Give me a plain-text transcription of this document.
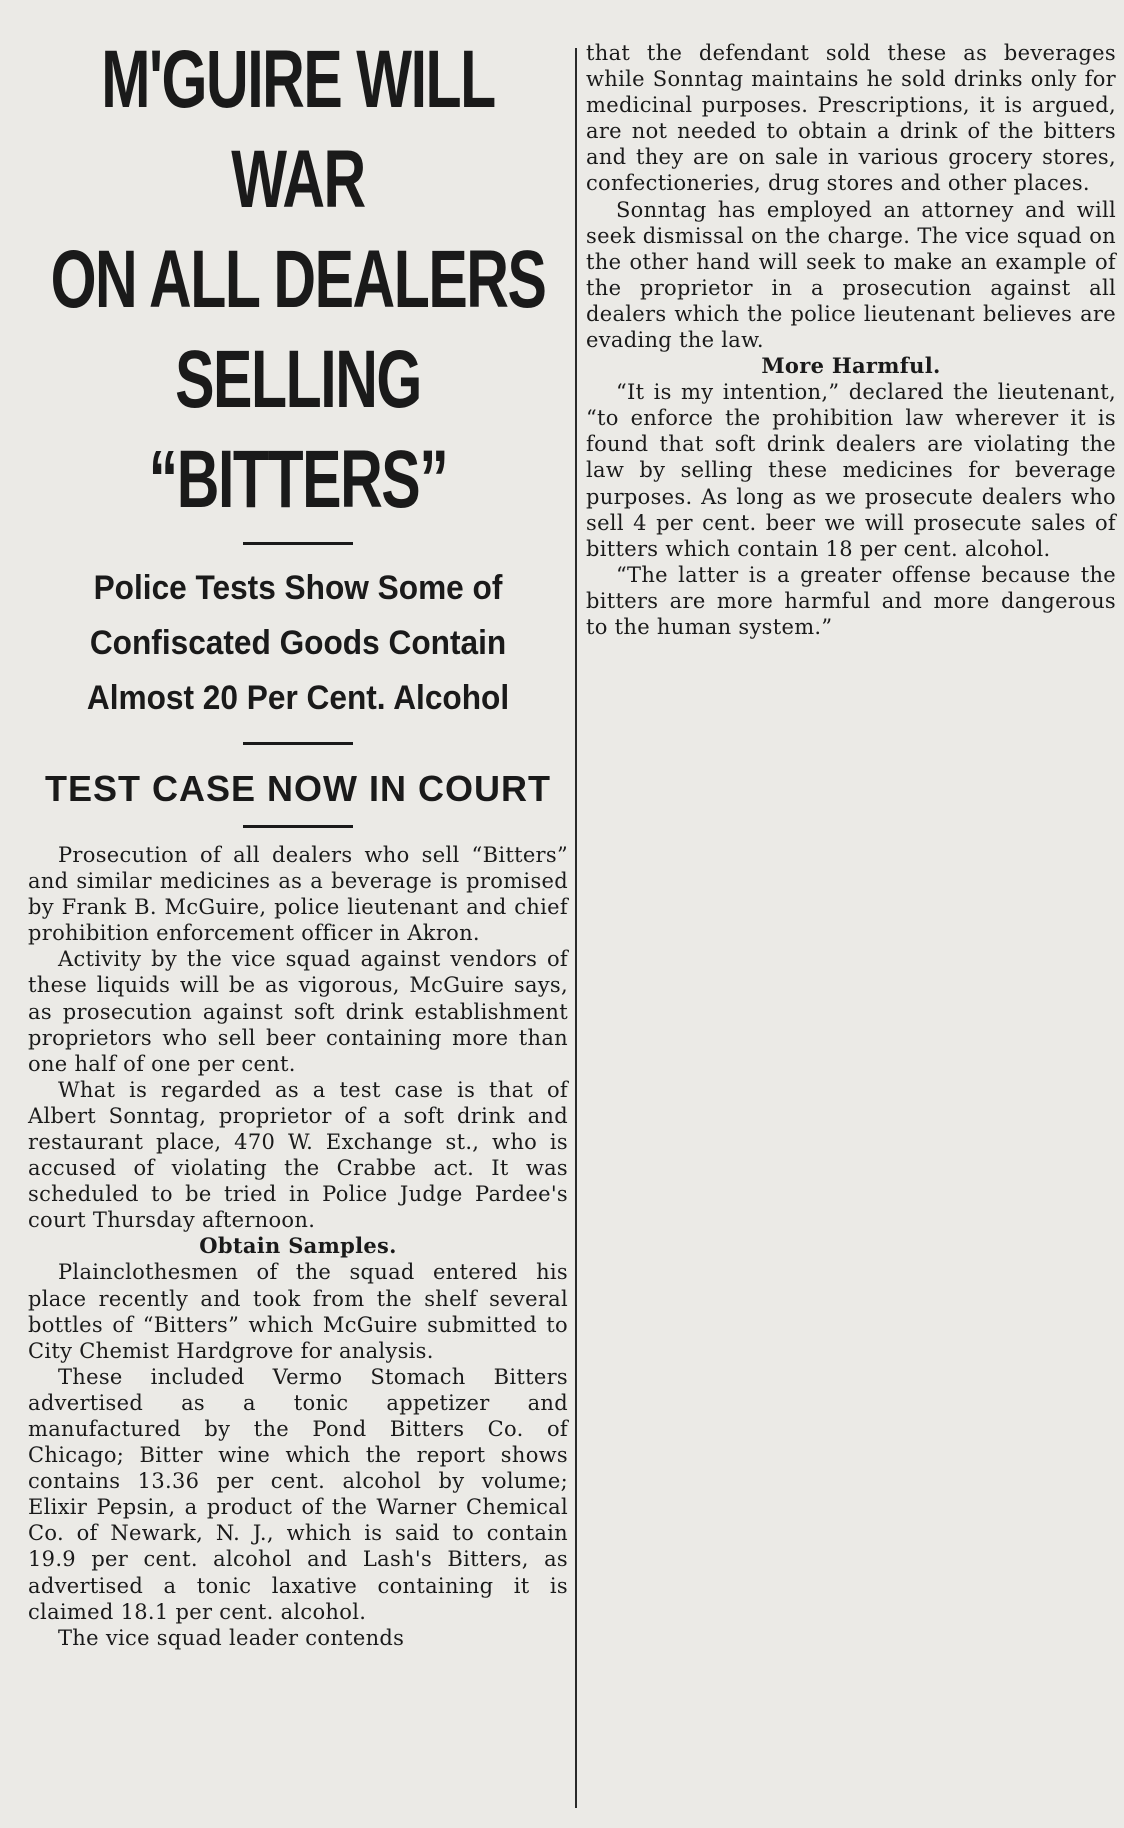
M'GUIRE WILL WAR
ON ALL DEALERS
SELLING “BITTERS”
Police Tests Show Some of
Confiscated Goods Contain
Almost 20 Per Cent. Alcohol
TEST CASE NOW IN COURT

Prosecution of all dealers who sell “Bitters” and similar medicines as a beverage is promised by Frank B. McGuire, police lieutenant and chief prohibition enforcement officer in Akron.

Activity by the vice squad against vendors of these liquids will be as vigorous, McGuire says, as prosecution against soft drink establishment proprietors who sell beer containing more than one half of one per cent.

What is regarded as a test case is that of Albert Sonntag, proprietor of a soft drink and restaurant place, 470 W. Exchange st., who is accused of violating the Crabbe act. It was scheduled to be tried in Police Judge Pardee's court Thursday afternoon.

Obtain Samples.

Plainclothesmen of the squad entered his place recently and took from the shelf several bottles of “Bitters” which McGuire submitted to City Chemist Hardgrove for analysis.

These included Vermo Stomach Bitters advertised as a tonic appetizer and manufactured by the Pond Bitters Co. of Chicago; Bitter wine which the report shows contains 13.36 per cent. alcohol by volume; Elixir Pepsin, a product of the Warner Chemical Co. of Newark, N. J., which is said to contain 19.9 per cent. alcohol and Lash's Bitters, as advertised a tonic laxative containing it is claimed 18.1 per cent. alcohol.

The vice squad leader contends

that the defendant sold these as beverages while Sonntag maintains he sold drinks only for medicinal purposes. Prescriptions, it is argued, are not needed to obtain a drink of the bitters and they are on sale in various grocery stores, confectioneries, drug stores and other places.

Sonntag has employed an attorney and will seek dismissal on the charge. The vice squad on the other hand will seek to make an example of the proprietor in a prosecution against all dealers which the police lieutenant believes are evading the law.

More Harmful.

“It is my intention,” declared the lieutenant, “to enforce the prohibition law wherever it is found that soft drink dealers are violating the law by selling these medicines for beverage purposes. As long as we prosecute dealers who sell 4 per cent. beer we will prosecute sales of bitters which contain 18 per cent. alcohol.

“The latter is a greater offense because the bitters are more harmful and more dangerous to the human system.”
